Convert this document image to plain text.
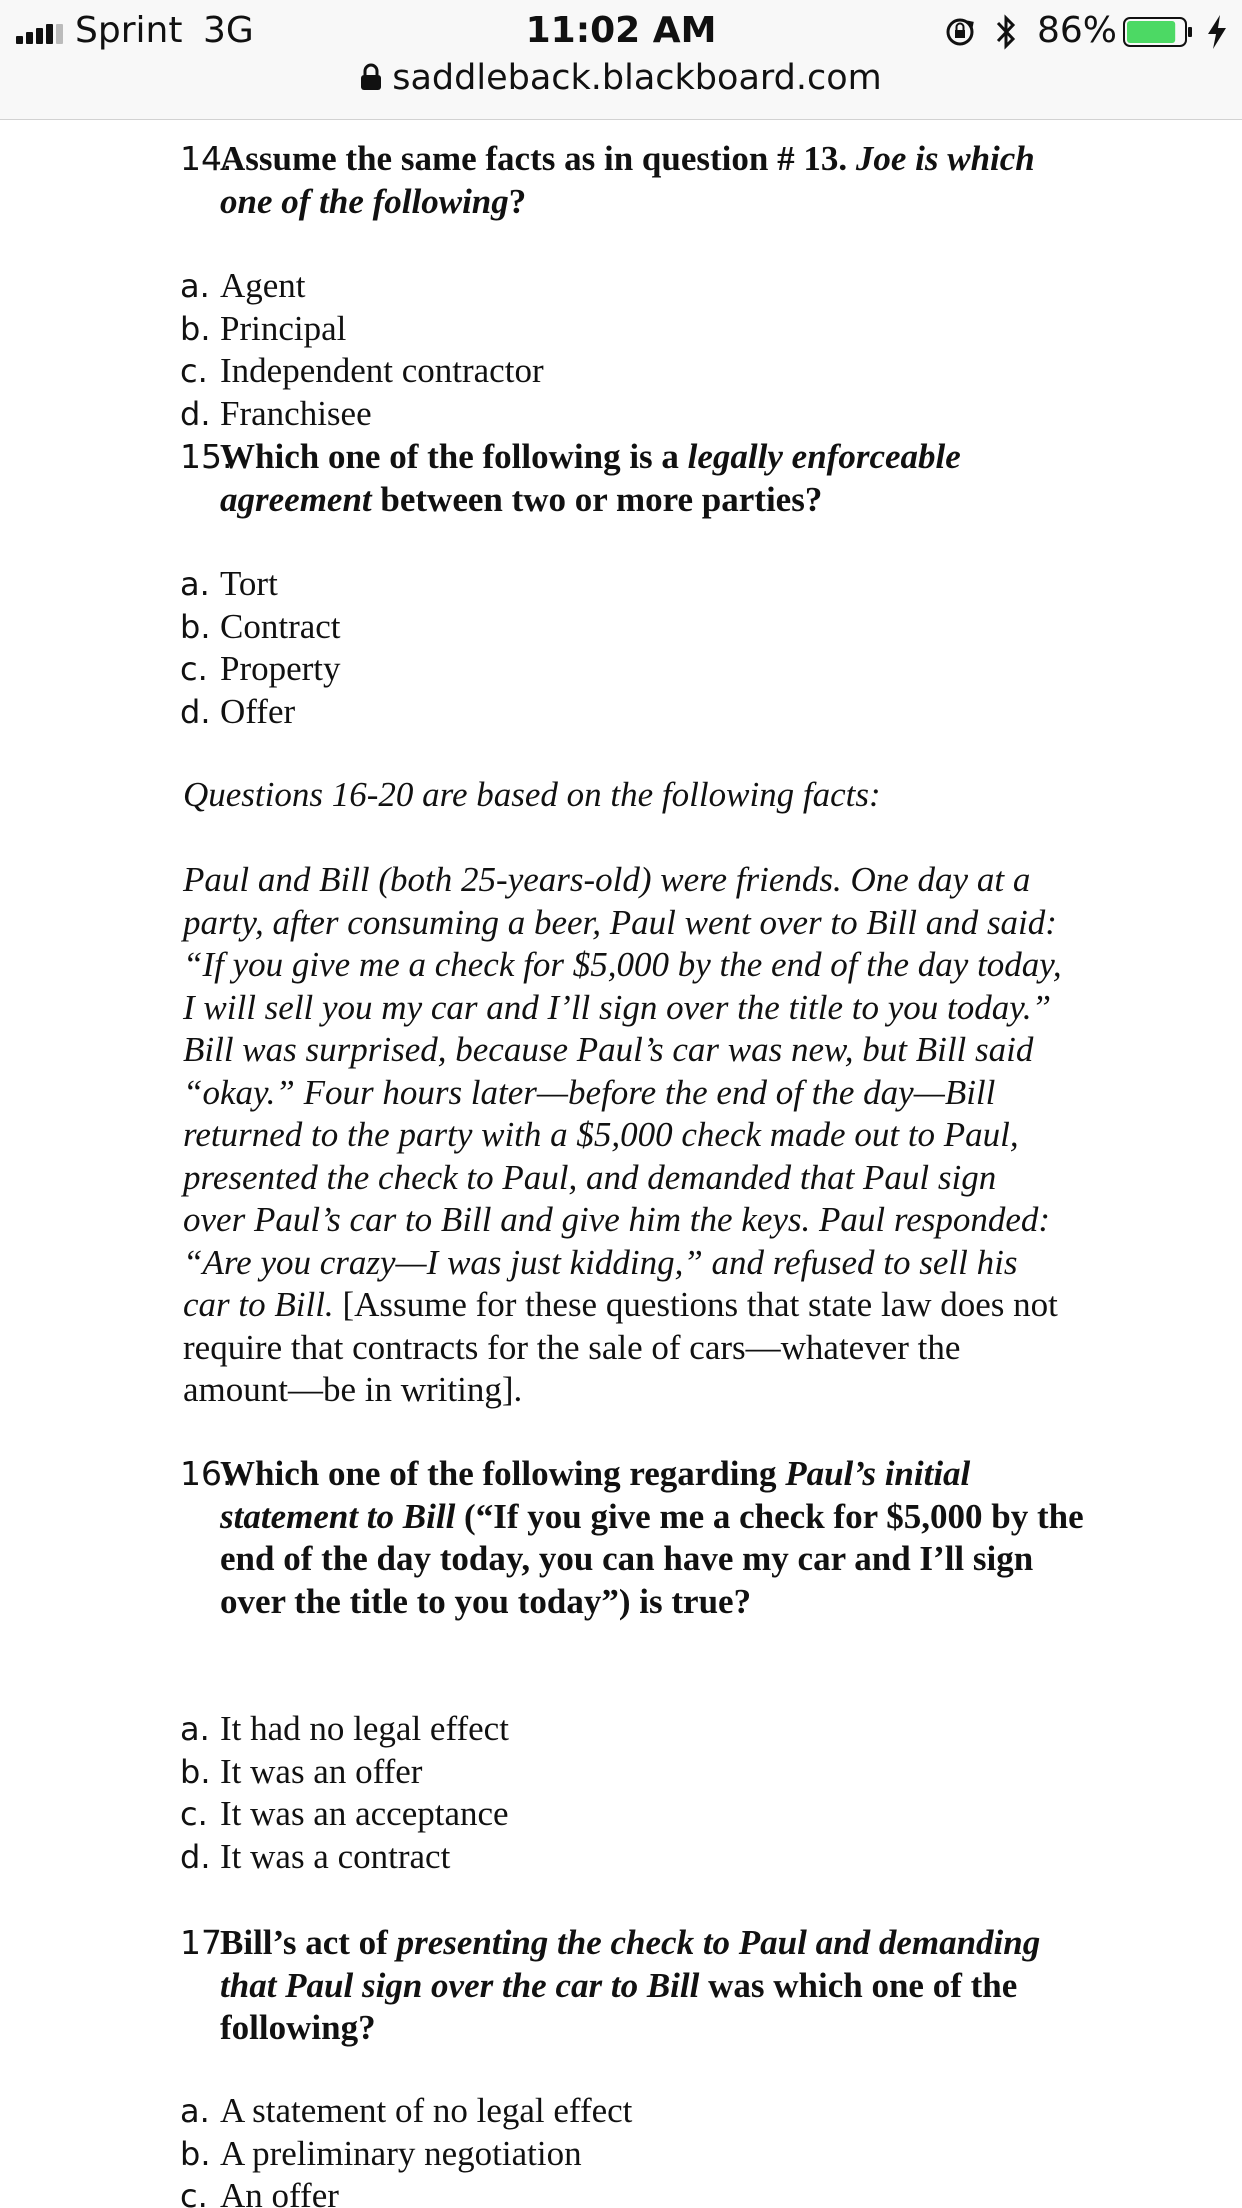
Sprint 3G	11:02 AM	86%
saddleback.blackboard.com
14.
Assume the same facts as in question # 13. Joe is which one of the following?
a. Agent
b. Principal
c. Independent contractor
d. Franchisee
15.
Which one of the following is a legally enforceable agreement between two or more parties?
a. Tort
b. Contract
c. Property
d. Offer
Questions 16-20 are based on the following facts:
Paul and Bill (both 25-years-old) were friends. One day at a party, after consuming a beer, Paul went over to Bill and said: “If you give me a check for $5,000 by the end of the day today, I will sell you my car and I’ll sign over the title to you today.” Bill was surprised, because Paul’s car was new, but Bill said “okay.” Four hours later—before the end of the day—Bill returned to the party with a $5,000 check made out to Paul, presented the check to Paul, and demanded that Paul sign over Paul’s car to Bill and give him the keys. Paul responded: “Are you crazy—I was just kidding,” and refused to sell his car to Bill. [Assume for these questions that state law does not require that contracts for the sale of cars—whatever the amount—be in writing].
16.
Which one of the following regarding Paul’s initial statement to Bill (“If you give me a check for $5,000 by the end of the day today, you can have my car and I’ll sign over the title to you today”) is true?
a. It had no legal effect
b. It was an offer
c. It was an acceptance
d. It was a contract
17.
Bill’s act of presenting the check to Paul and demanding that Paul sign over the car to Bill was which one of the following?
a. A statement of no legal effect
b. A preliminary negotiation
c. An offer
